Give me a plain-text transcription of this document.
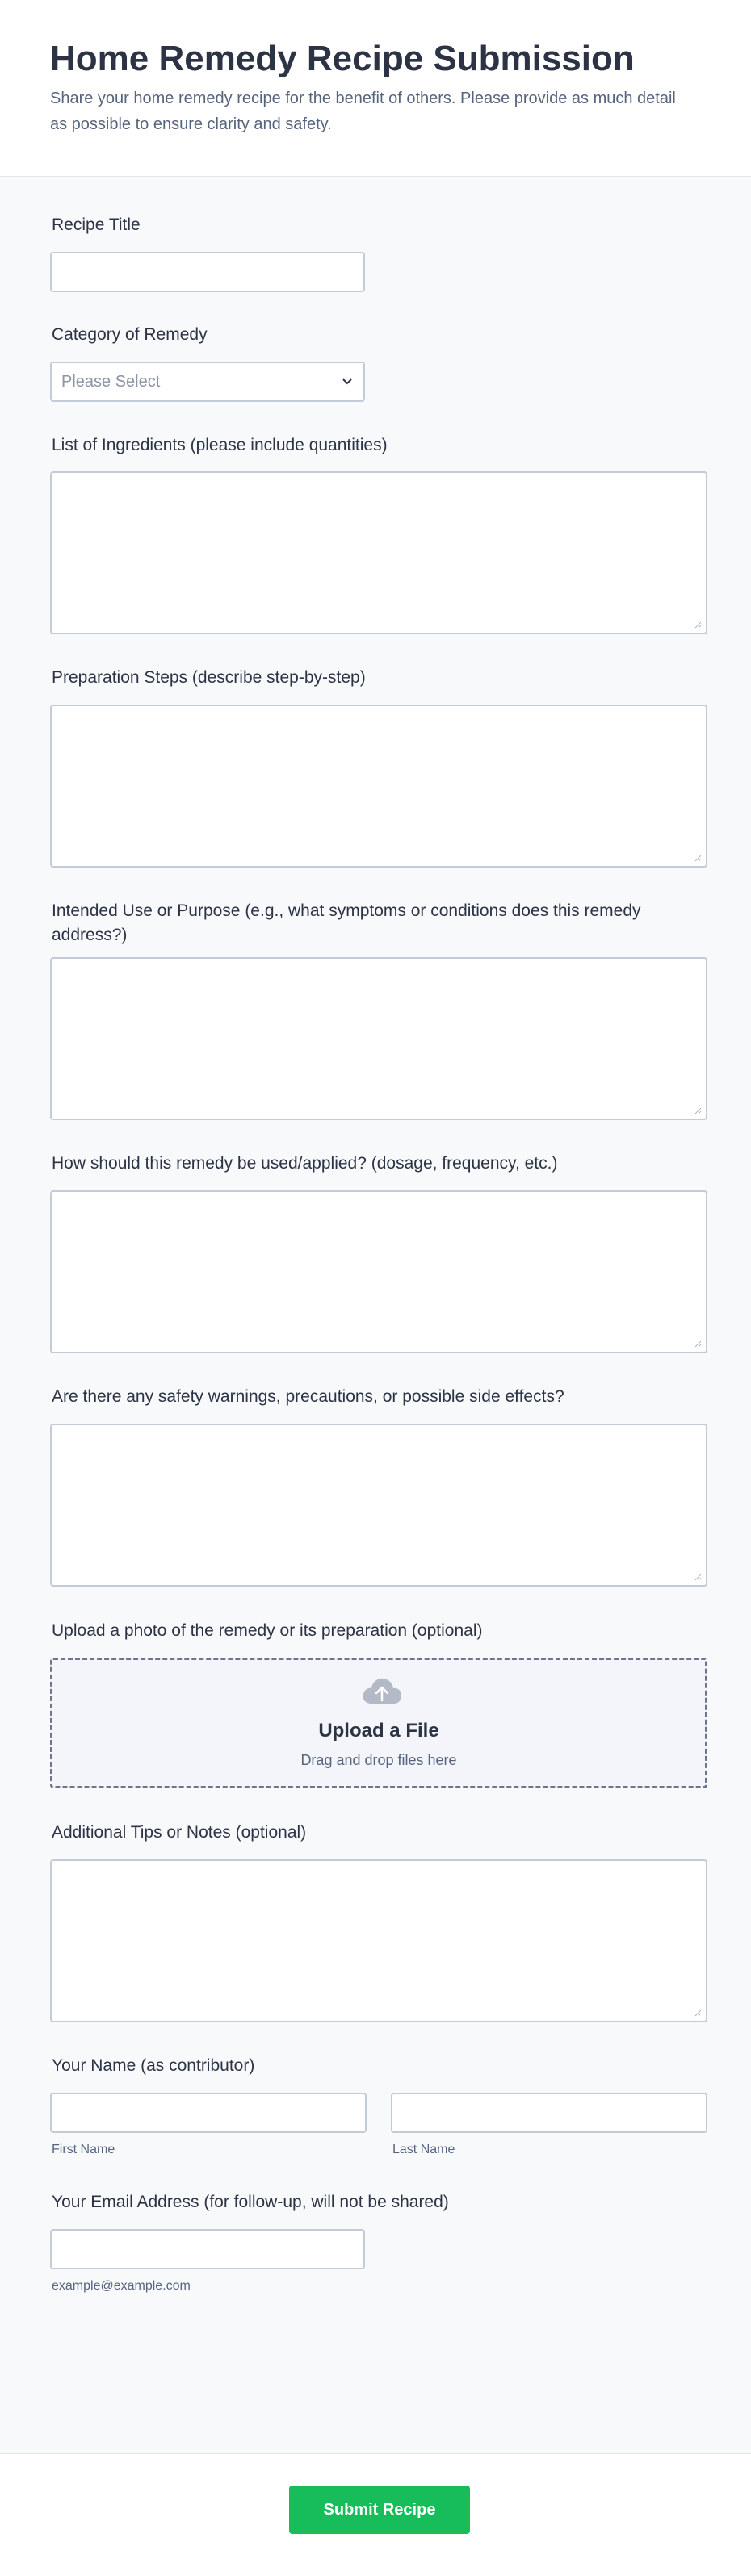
Home Remedy Recipe Submission

Share your home remedy recipe for the benefit of others. Please provide as much detail as possible to ensure clarity and safety.

Recipe Title
Category of Remedy
Please Select
List of Ingredients (please include quantities)
Preparation Steps (describe step-by-step)
Intended Use or Purpose (e.g., what symptoms or conditions does this remedy address?)
How should this remedy be used/applied? (dosage, frequency, etc.)
Are there any safety warnings, precautions, or possible side effects?
Upload a photo of the remedy or its preparation (optional)
Upload a File
Drag and drop files here
Additional Tips or Notes (optional)
Your Name (as contributor)
First Name	Last Name
Your Email Address (for follow-up, will not be shared)
example@example.com
Submit Recipe
